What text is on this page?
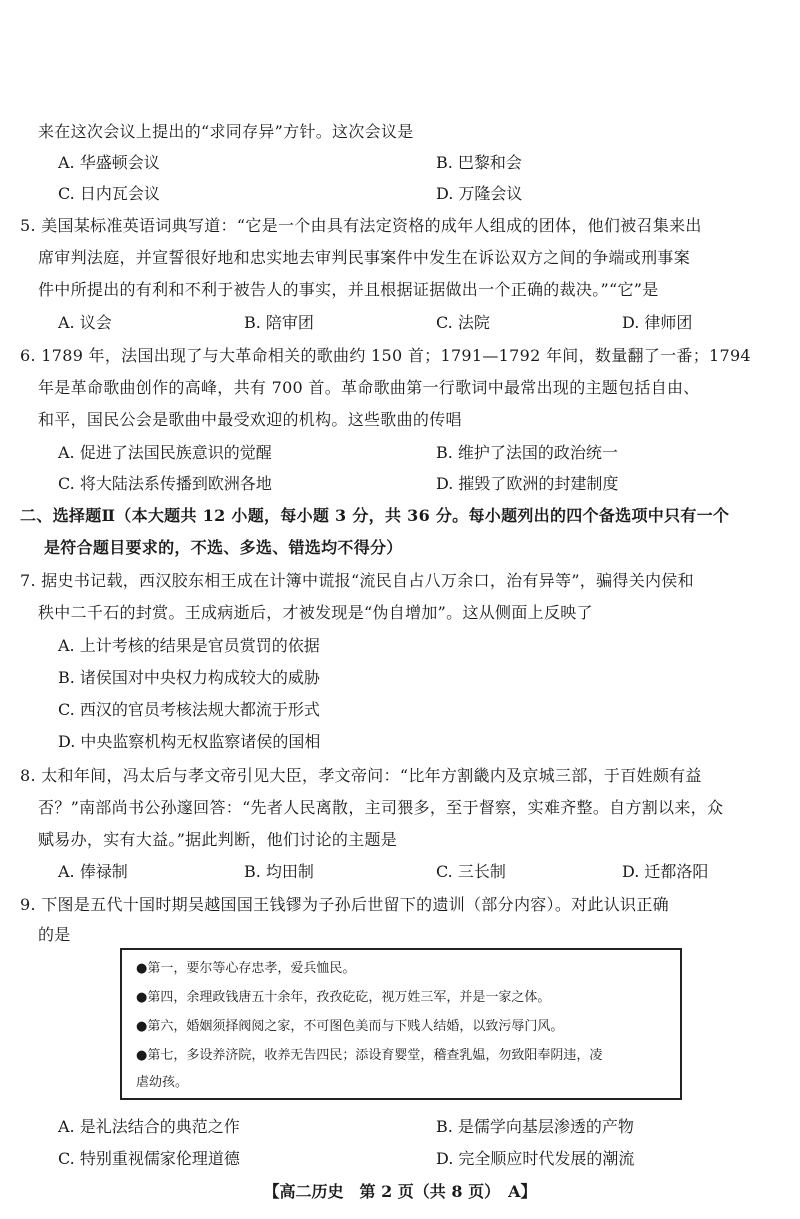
来在这次会议上提出的“求同存异”方针。这次会议是
A. 华盛顿会议	B. 巴黎和会
C. 日内瓦会议	D. 万隆会议
5. 美国某标准英语词典写道：“它是一个由具有法定资格的成年人组成的团体，他们被召集来出
席审判法庭，并宣誓很好地和忠实地去审判民事案件中发生在诉讼双方之间的争端或刑事案
件中所提出的有利和不利于被告人的事实，并且根据证据做出一个正确的裁决。”“它”是
A. 议会	B. 陪审团	C. 法院	D. 律师团
6. 1789 年，法国出现了与大革命相关的歌曲约 150 首；1791—1792 年间，数量翻了一番；1794
年是革命歌曲创作的高峰，共有 700 首。革命歌曲第一行歌词中最常出现的主题包括自由、
和平，国民公会是歌曲中最受欢迎的机构。这些歌曲的传唱
A. 促进了法国民族意识的觉醒	B. 维护了法国的政治统一
C. 将大陆法系传播到欧洲各地	D. 摧毁了欧洲的封建制度
二、选择题Ⅱ（本大题共 12 小题，每小题 3 分，共 36 分。每小题列出的四个备选项中只有一个
是符合题目要求的，不选、多选、错选均不得分）
7. 据史书记载，西汉胶东相王成在计簿中谎报“流民自占八万余口，治有异等”，骗得关内侯和
秩中二千石的封赏。王成病逝后，才被发现是“伪自增加”。这从侧面上反映了
A. 上计考核的结果是官员赏罚的依据
B. 诸侯国对中央权力构成较大的威胁
C. 西汉的官员考核法规大都流于形式
D. 中央监察机构无权监察诸侯的国相
8. 太和年间，冯太后与孝文帝引见大臣，孝文帝问：“比年方割畿内及京城三部，于百姓颇有益
否？”南部尚书公孙邃回答：“先者人民离散，主司猥多，至于督察，实难齐整。自方割以来，众
赋易办，实有大益。”据此判断，他们讨论的主题是
A. 俸禄制	B. 均田制	C. 三长制	D. 迁都洛阳
9. 下图是五代十国时期吴越国国王钱镠为子孙后世留下的遗训（部分内容）。对此认识正确
的是
●第一，要尔等心存忠孝，爱兵恤民。
●第四，余理政钱唐五十余年，孜孜矻矻，视万姓三军，并是一家之体。
●第六，婚姻须择阀阅之家，不可图色美而与下贱人结婚，以致污辱门风。
●第七，多设养济院，收养无告四民；添设育婴堂，稽查乳媪，勿致阳奉阴违，凌
虐幼孩。
A. 是礼法结合的典范之作	B. 是儒学向基层渗透的产物
C. 特别重视儒家伦理道德	D. 完全顺应时代发展的潮流
【高二历史　第 2 页（共 8 页）　A】
